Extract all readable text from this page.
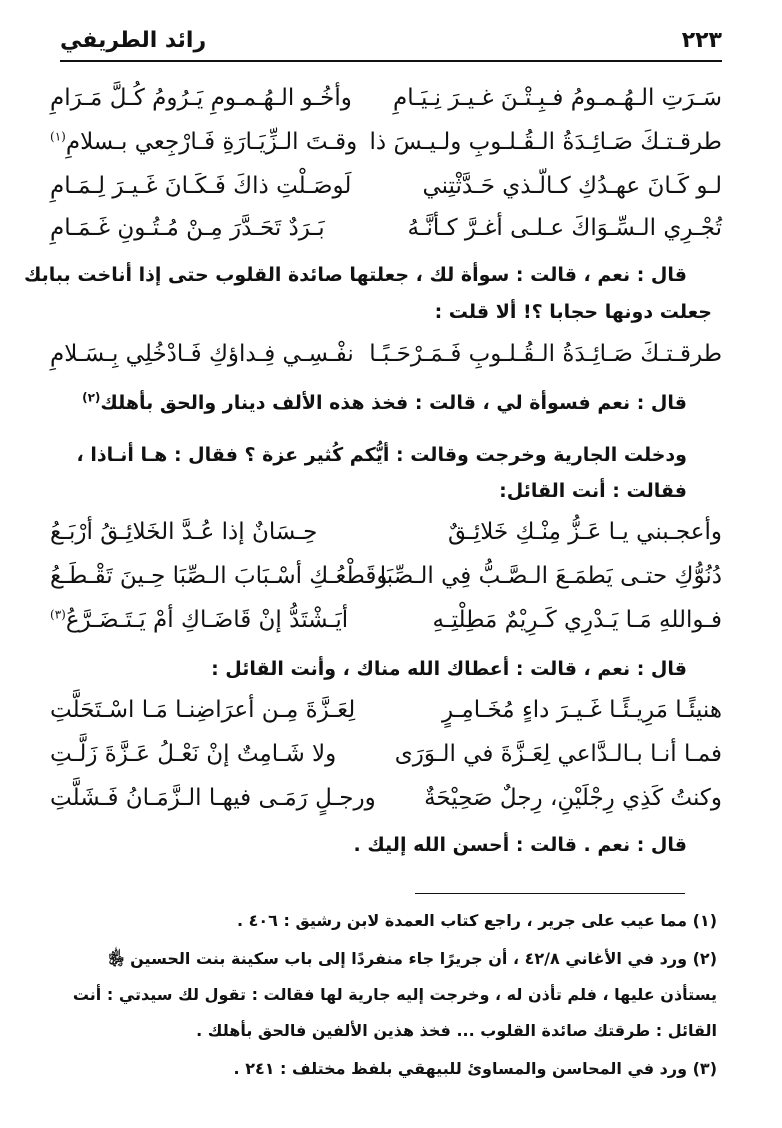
٢٢٣
رائد الطريفي
سَـرَتِ الـهُـمـومُ فـبِـتْـنَ غـيـرَ نِـيَـامِ
وأخُـو الـهُـمـومِ يَـرُومُ كُـلَّ مَـرَامِ
طرقـتـكَ صَـائِـدَةُ الـقُـلـوبِ ولـيـسَ ذا
وقـتَ الـزِّيَـارَةِ فَـارْجِعي بـسلامِ$^{(١)}$
لـو كَـانَ عهـدُكِ كـالّـذي حَـدَّثْتِني
لَوصَـلْتِ ذاكَ فَـكَـانَ غَـيـرَ لِـمَـامِ
تُجْـرِي الـسِّـوَاكَ عـلـى أغـرَّ كـأنَّـهُ
بَـرَدٌ تَحَـدَّرَ مِـنْ مُـتُـونِ غَـمَـامِ
قال : نعم ، قالت : سوأة لك ، جعلتها صائدة القلوب حتى إذا أناخت ببابك
جعلت دونها حجابا ؟! ألا قلت :
طرقـتـكَ صَـائِـدَةُ الـقُـلـوبِ فَـمَـرْحَـبًـا
نفْـسِـي فِـداؤكِ فَـادْخُلِي بِـسَـلامِ
قال : نعم فسوأة لي ، قالت : فخذ هذه الألف دينار والحق بأهلك$^{(٢)}$
ودخلت الجارية وخرجت وقالت : أيُّكم كُثير عزة ؟ فقال : هـا أنـاذا ،
فقالت : أنت القائل:
وأعجـبني يـا عَـزُّ مِنْـكِ خَلائِـقٌ
حِـسَانٌ إذا عُـدَّ الخَلائِـقُ أرْبَـعُ
دُنُوُّكِ حتـى يَطمَـعَ الـصَّـبُّ فِي الـصِّبَا
وقَطْعُـكِ أسْـبَابَ الـصِّبَا حِـينَ تَقْـطَـعُ
فـواللهِ مَـا يَـدْرِي كَـرِيْمٌ مَطِلْتِـهِ
أيَـشْتَدُّ إنْ قَاضَـاكِ أمْ يَـتَـضَـرَّعُ$^{(٣)}$
قال : نعم ، قالت : أعطاك الله مناك ، وأنت القائل :
هنيئًـا مَرِيـئًـا غَـيـرَ داءٍ مُخَـامِـرٍ
لِعَـزَّةَ مِـن أعرَاضِنـا مَـا اسْـتَحَلَّتِ
فمـا أنـا بـالـدَّاعي لِعَـزَّةَ في الـوَرَى
ولا شَـامِتٌ إنْ نَعْـلُ عَـزَّةَ زَلَّـتِ
وكنتُ كَذِي رِجْلَيْنِ، رِجلٌ صَحِيْحَةٌ
ورجـلٍ رَمَـى فيهـا الـزَّمَـانُ فَـشَلَّتِ
قال : نعم . قالت : أحسن الله إليك .
(١) مما عيب على جرير ، راجع كتاب العمدة لابن رشيق : ٤٠٦ .
(٢) ورد في الأغاني ٤٢/٨ ، أن جريرًا جاء منفردًا إلى باب سكينة بنت الحسين ﵂
يستأذن عليها ، فلم تأذن له ، وخرجت إليه جارية لها فقالت : تقول لك سيدتي : أنت
القائل : طرقتك صائدة القلوب ... فخذ هذين الألفين فالحق بأهلك .
(٣) ورد في المحاسن والمساوئ للبيهقي بلفظ مختلف : ٢٤١ .
